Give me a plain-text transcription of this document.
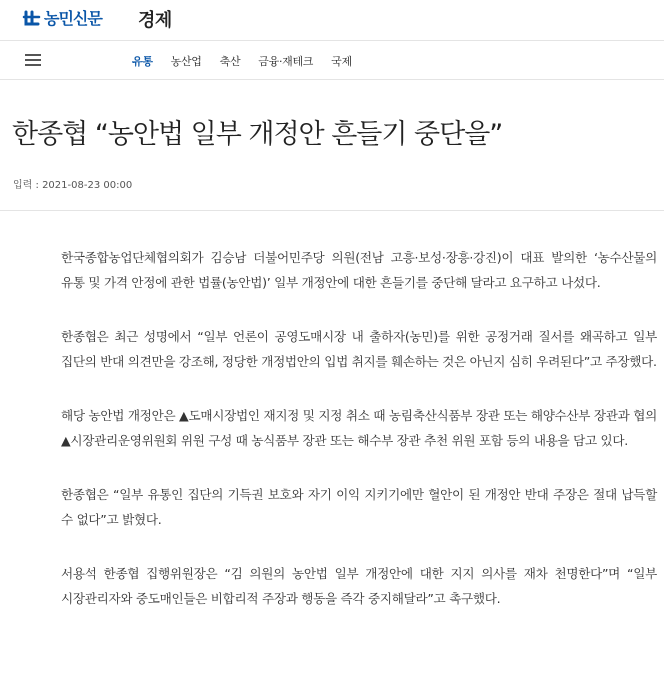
농민신문 경제
유통 농산업 축산 금융·재테크 국제
한종협 “농안법 일부 개정안 흔들기 중단을”
입력 : 2021-08-23 00:00

한국종합농업단체협의회가 김승남 더불어민주당 의원(전남 고흥·보성·장흥·강진)이 대표 발의한 ‘농수산물의 유통 및 가격 안정에 관한 법률(농안법)’ 일부 개정안에 대한 흔들기를 중단해 달라고 요구하고 나섰다.

한종협은 최근 성명에서 “일부 언론이 공영도매시장 내 출하자(농민)를 위한 공정거래 질서를 왜곡하고 일부 집단의 반대 의견만을 강조해, 정당한 개정법안의 입법 취지를 훼손하는 것은 아닌지 심히 우려된다”고 주장했다.

해당 농안법 개정안은 ▲도매시장법인 재지정 및 지정 취소 때 농림축산식품부 장관 또는 해양수산부 장관과 협의 ▲시장관리운영위원회 위원 구성 때 농식품부 장관 또는 해수부 장관 추천 위원 포함 등의 내용을 담고 있다.

한종협은 “일부 유통인 집단의 기득권 보호와 자기 이익 지키기에만 혈안이 된 개정안 반대 주장은 절대 납득할 수 없다”고 밝혔다.

서용석 한종협 집행위원장은 “김 의원의 농안법 일부 개정안에 대한 지지 의사를 재차 천명한다”며 “일부 시장관리자와 중도매인들은 비합리적 주장과 행동을 즉각 중지해달라”고 촉구했다.
